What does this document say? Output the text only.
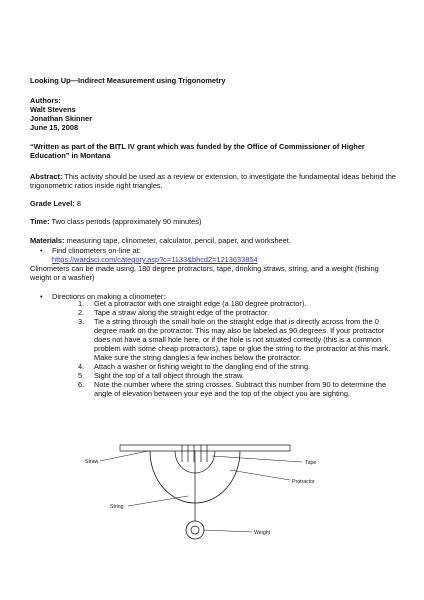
Looking Up—Indirect Measurement using Trigonometry
Authors:
Walt Stevens
Jonathan Skinner
June 15, 2008
“Written as part of the BITL IV grant which was funded by the Office of Commissioner of Higher Education” in Montana
Abstract: This activity should be used as a review or extension, to investigate the fundamental ideas behind the trigonometric ratios inside right triangles.
Grade Level: 8
Time: Two class periods (approximately 90 minutes)
Materials: measuring tape, clinometer, calculator, pencil, paper, and worksheet.
• Find clinometers on-line at:
https://wardsci.com/category.asp?c=1133&bhcd2=1213633854
Clinometers can be made using, 180 degree protractors, tape, drinking straws, string, and a weight (fishing weight or a washer)
• Directions on making a clinometer:
1. Get a protractor with one straight edge (a 180 degree protractor).
2. Tape a straw along the straight edge of the protractor.
3. Tie a string through the small hole on the straight edge that is directly across from the 0 degree mark on the protractor. This may also be labeled as 90 degrees. If your protractor does not have a small hole here, or if the hole is not situated correctly (this is a common problem with some cheap protractors), tape or glue the string to the protractor at this mark. Make sure the string dangles a few inches below the protractor.
4. Attach a washer or fishing weight to the dangling end of the string.
5. Sight the top of a tall object through the straw.
6. Note the number where the string crosses. Subtract this number from 90 to determine the angle of elevation between your eye and the top of the object you are sighting.
Straw	Tape
Protractor
String
Weight
